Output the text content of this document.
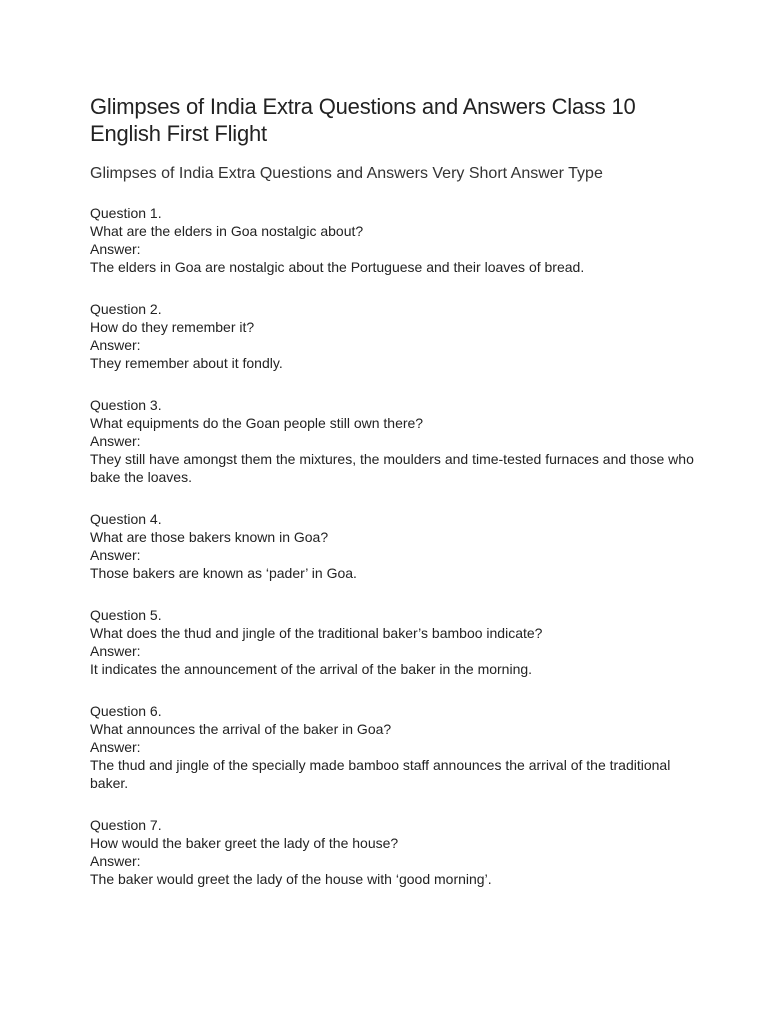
Glimpses of India Extra Questions and Answers Class 10 English First Flight
Glimpses of India Extra Questions and Answers Very Short Answer Type
Question 1.
What are the elders in Goa nostalgic about?
Answer:
The elders in Goa are nostalgic about the Portuguese and their loaves of bread.
Question 2.
How do they remember it?
Answer:
They remember about it fondly.
Question 3.
What equipments do the Goan people still own there?
Answer:
They still have amongst them the mixtures, the moulders and time-tested furnaces and those who bake the loaves.
Question 4.
What are those bakers known in Goa?
Answer:
Those bakers are known as ‘pader’ in Goa.
Question 5.
What does the thud and jingle of the traditional baker’s bamboo indicate?
Answer:
It indicates the announcement of the arrival of the baker in the morning.
Question 6.
What announces the arrival of the baker in Goa?
Answer:
The thud and jingle of the specially made bamboo staff announces the arrival of the traditional baker.
Question 7.
How would the baker greet the lady of the house?
Answer:
The baker would greet the lady of the house with ‘good morning’.
